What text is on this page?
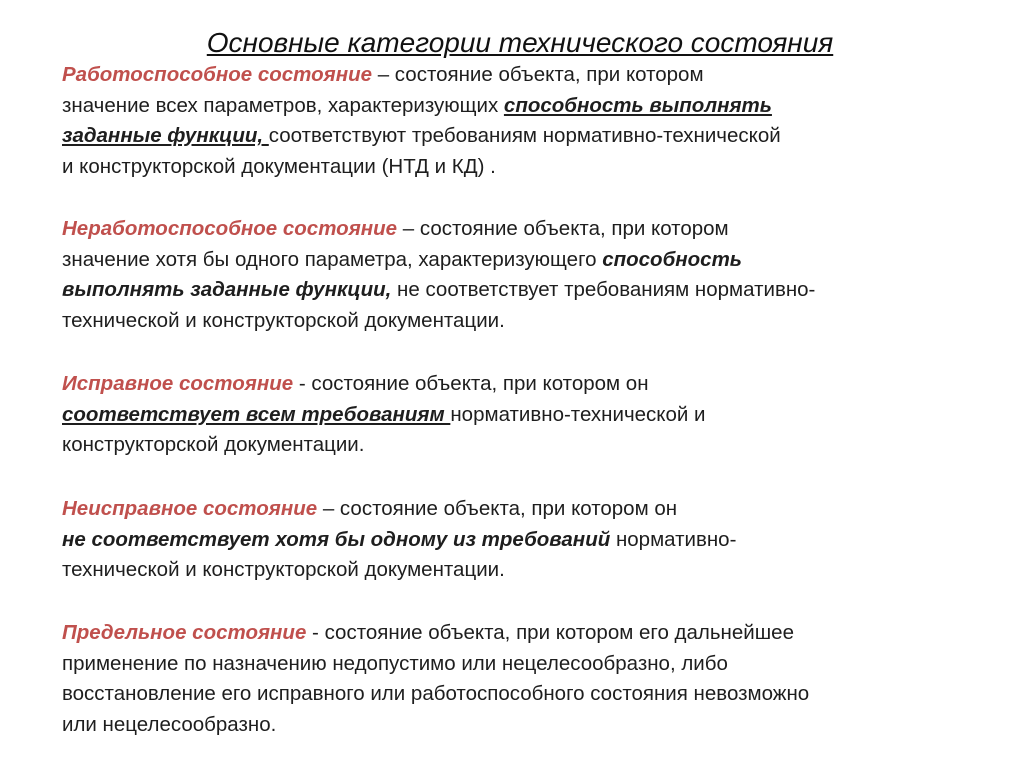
Основные категории технического состояния
Работоспособное состояние – состояние объекта, при котором
значение всех параметров, характеризующих способность выполнять
заданные функции, соответствуют требованиям нормативно-технической
и конструкторской документации (НТД и КД) .
Неработоспособное состояние – состояние объекта, при котором
значение хотя бы одного параметра, характеризующего способность
выполнять заданные функции, не соответствует требованиям нормативно-
технической и конструкторской документации.
Исправное состояние - состояние объекта, при котором он
соответствует всем требованиям нормативно-технической и
конструкторской документации.
Неисправное состояние – состояние объекта, при котором он
не соответствует хотя бы одному из требований нормативно-
технической и конструкторской документации.
Предельное состояние - состояние объекта, при котором его дальнейшее
применение по назначению недопустимо или нецелесообразно, либо
восстановление его исправного или работоспособного состояния невозможно
или нецелесообразно.
